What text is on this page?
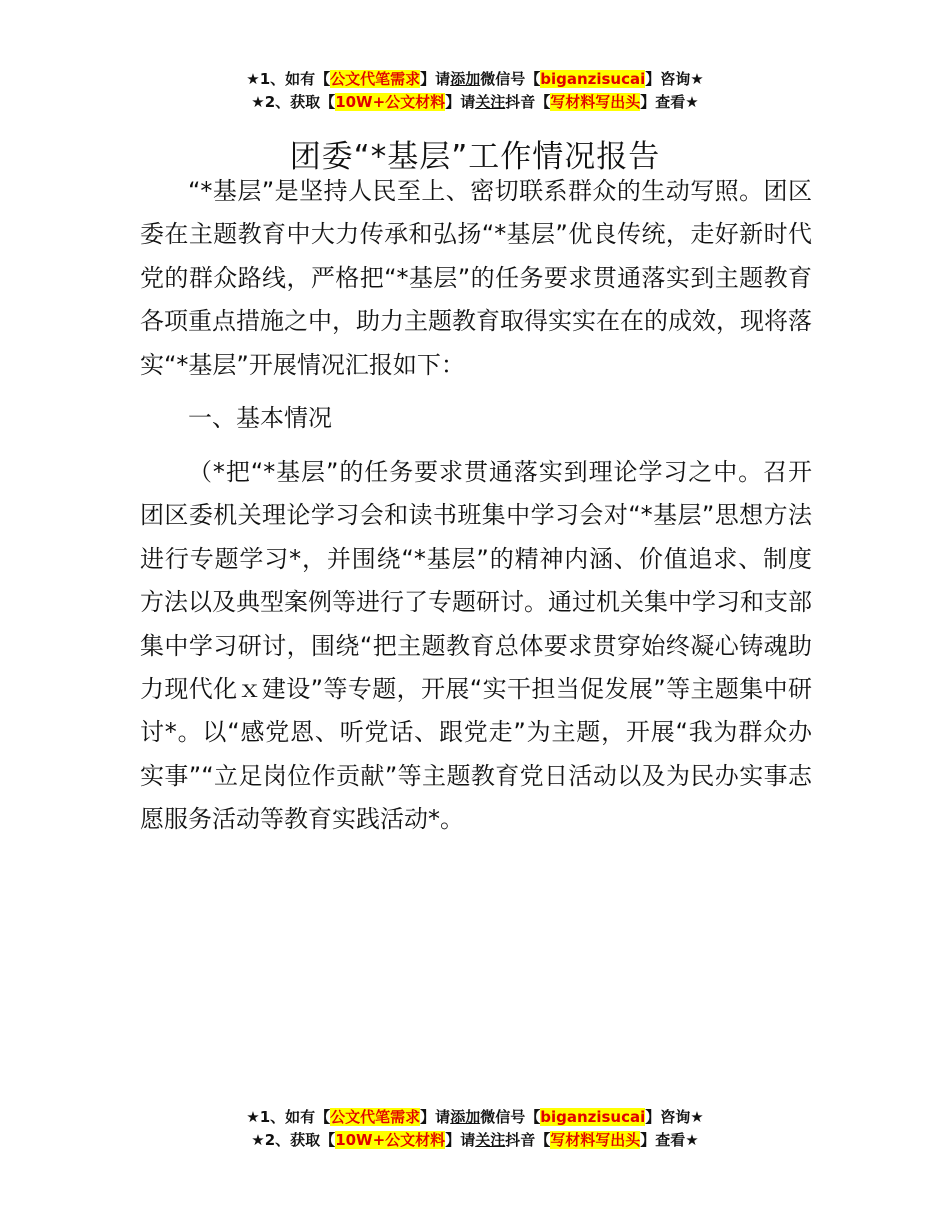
★1、如有【公文代笔需求】请添加微信号【biganzisucai】咨询★
★2、获取【10W+公文材料】请关注抖音【写材料写出头】查看★
团委“*基层”工作情况报告

“*基层”是坚持人民至上、密切联系群众的生动写照。团区委在主题教育中大力传承和弘扬“*基层”优良传统，走好新时代党的群众路线，严格把“*基层”的任务要求贯通落实到主题教育各项重点措施之中，助力主题教育取得实实在在的成效，现将落实“*基层”开展情况汇报如下：

一、基本情况

（*把“*基层”的任务要求贯通落实到理论学习之中。召开团区委机关理论学习会和读书班集中学习会对“*基层”思想方法进行专题学习*，并围绕“*基层”的精神内涵、价值追求、制度方法以及典型案例等进行了专题研讨。通过机关集中学习和支部集中学习研讨，围绕“把主题教育总体要求贯穿始终凝心铸魂助力现代化ｘ建设”等专题，开展“实干担当促发展”等主题集中研讨*。以“感党恩、听党话、跟党走”为主题，开展“我为群众办实事”“立足岗位作贡献”等主题教育党日活动以及为民办实事志愿服务活动等教育实践活动*。

★1、如有【公文代笔需求】请添加微信号【biganzisucai】咨询★
★2、获取【10W+公文材料】请关注抖音【写材料写出头】查看★
